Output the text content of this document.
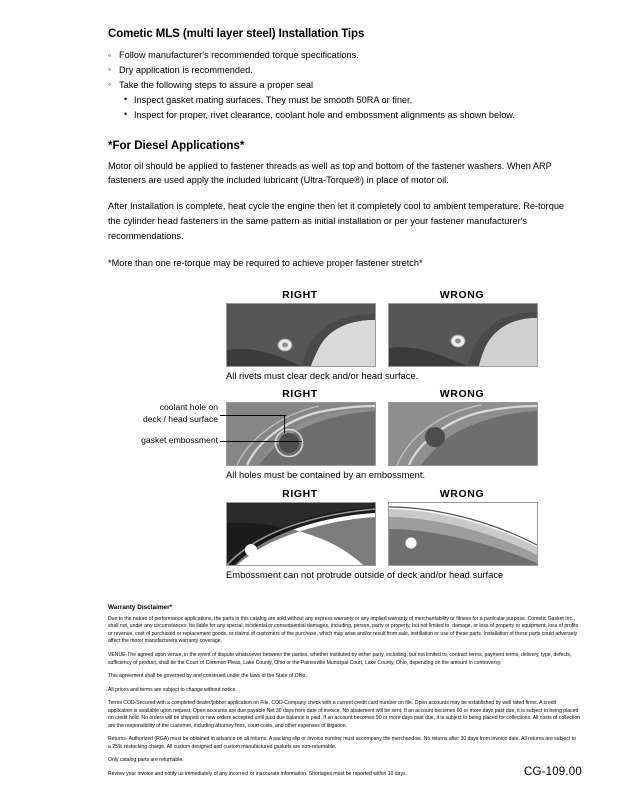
Cometic MLS (multi layer steel) Installation Tips
◦ Follow manufacturer's recommended torque specifications.
◦ Dry application is recommended.
◦ Take the following steps to assure a proper seal
• Inspect gasket mating surfaces. They must be smooth 50RA or finer.
• Inspect for proper, rivet clearance, coolant hole and embossment alignments as shown below.
*For Diesel Applications*

Motor oil should be applied to fastener threads as well as top and bottom of the fastener washers. When ARP fasteners are used apply the included lubricant (Ultra-Torque®) in place of motor oil.

After Installation is complete, heat cycle the engine then let it completely cool to ambient temperature. Re-torque the cylinder head fasteners in the same pattern as initial installation or per your fastener manufacturer's recommendations.

*More than one re-torque may be required to achieve proper fastener stretch*

RIGHT	WRONG

All rivets must clear deck and/or head surface.

RIGHT	WRONG

All holes must be contained by an embossment.

coolant hole on
deck / head surface
gasket embossment
RIGHT	WRONG

Embossment can not protrude outside of deck and/or head surface

Warranty Disclaimer*

Due to the nature of performance applications, the parts in this catalog are sold without any express warranty or any implied warranty of merchantability or fitness for a particular purpose. Cometic Gasket Inc., shall not, under any circumstances, be liable for any special, incidental or consequential damages, including, person, party or property, but not limited to, damage, or loss of property or equipment, loss of profits or revenue, cost of purchased or replacement goods, or claims of customers of the purchase, which may arise and/or result from sale, instillation or use of these parts. Installation of these parts could adversely affect the motor manufacturers warranty coverage.

VENUE-The agreed upon venue, in the event of dispute whatsoever between the parties, whether instituted by either party, including, but not limited to, contract terms, payment terms, delivery, type, defects, sufficiency of product, shall be the Court of Common Pleas, Lake County, Ohio or the Painesville Municipal Court, Lake County, Ohio, depending on the amount in controversy.

This agreement shall be governed by and construed under the laws of the State of Ohio.

All prices and terms are subject to change without notice.

Terms COD-Secured with a completed dealer/jobber application on File, COD-Company check with a current credit card number on file. Open accounts may be established by well rated firms. A credit application is available upon request. Open accounts are due payable Net 30 days from date of invoice. No abatement will be sent. If an account becomes 60 or more days past due, it is subject to being placed on credit hold. No orders will be shipped or new orders accepted until past due balance is paid. If an account becomes 90 or more days past due, it is subject to being placed for collections. All costs of collection are the responsibility of the customer, including attorney fees, court costs, and other expenses of litigation.

Returns- Authorized (RGA) must be obtained in advance on all returns. A packing slip or invoice number must accompany the merchandise. No returns after 30 days from invoice date. All returns are subject to a 25% restocking charge. All custom designed and custom manufactured gaskets are non-returnable.

Only catalog parts are returnable.

Review your invoice and notify us immediately of any incorrect or inaccurate information. Shortages must be reported within 10 days.	CG-109.00
